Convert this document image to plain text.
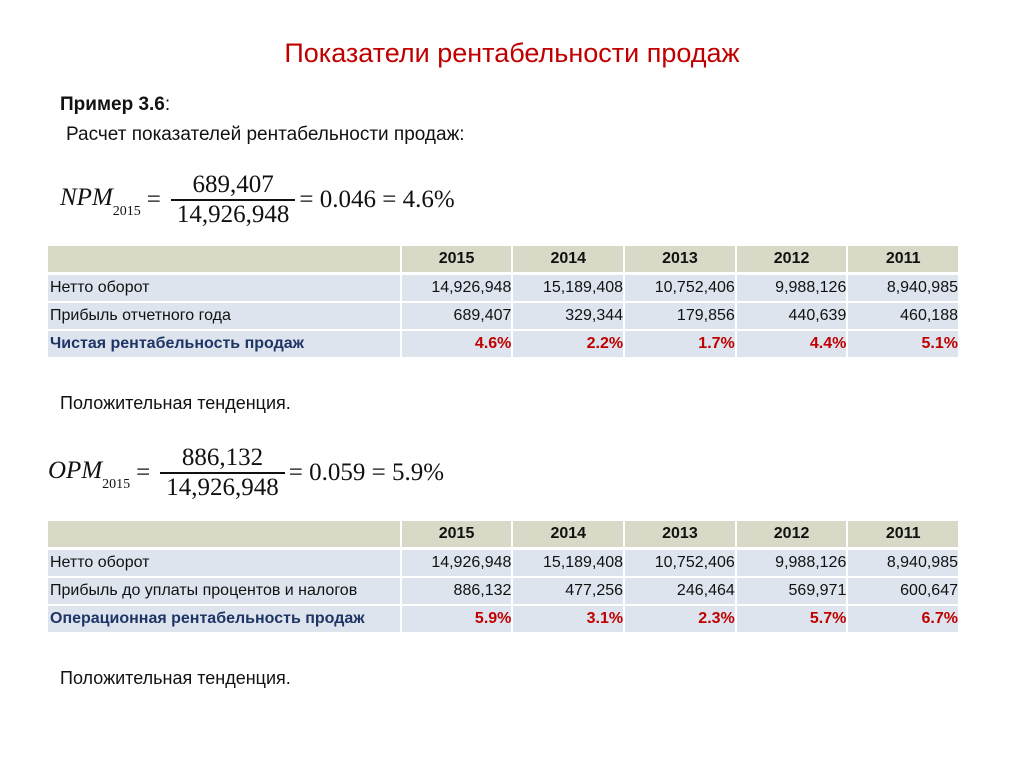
Показатели рентабельности продаж
Пример 3.6:
Расчет показателей рентабельности продаж:
$NPM_{2015} = \frac{689,407}{14,926,948} = 0.046 = 4.6\%$
	2015	2014	2013	2012	2011

Нетто оборот	14,926,948	15,189,408	10,752,406	9,988,126	8,940,985
Прибыль отчетного года	689,407	329,344	179,856	440,639	460,188
Чистая рентабельность продаж	4.6%	2.2%	1.7%	4.4%	5.1%
Положительная тенденция.
$OPM_{2015} = \frac{886,132}{14,926,948} = 0.059 = 5.9\%$
	2015	2014	2013	2012	2011

Нетто оборот	14,926,948	15,189,408	10,752,406	9,988,126	8,940,985
Прибыль до уплаты процентов и налогов	886,132	477,256	246,464	569,971	600,647
Операционная рентабельность продаж	5.9%	3.1%	2.3%	5.7%	6.7%
Положительная тенденция.
